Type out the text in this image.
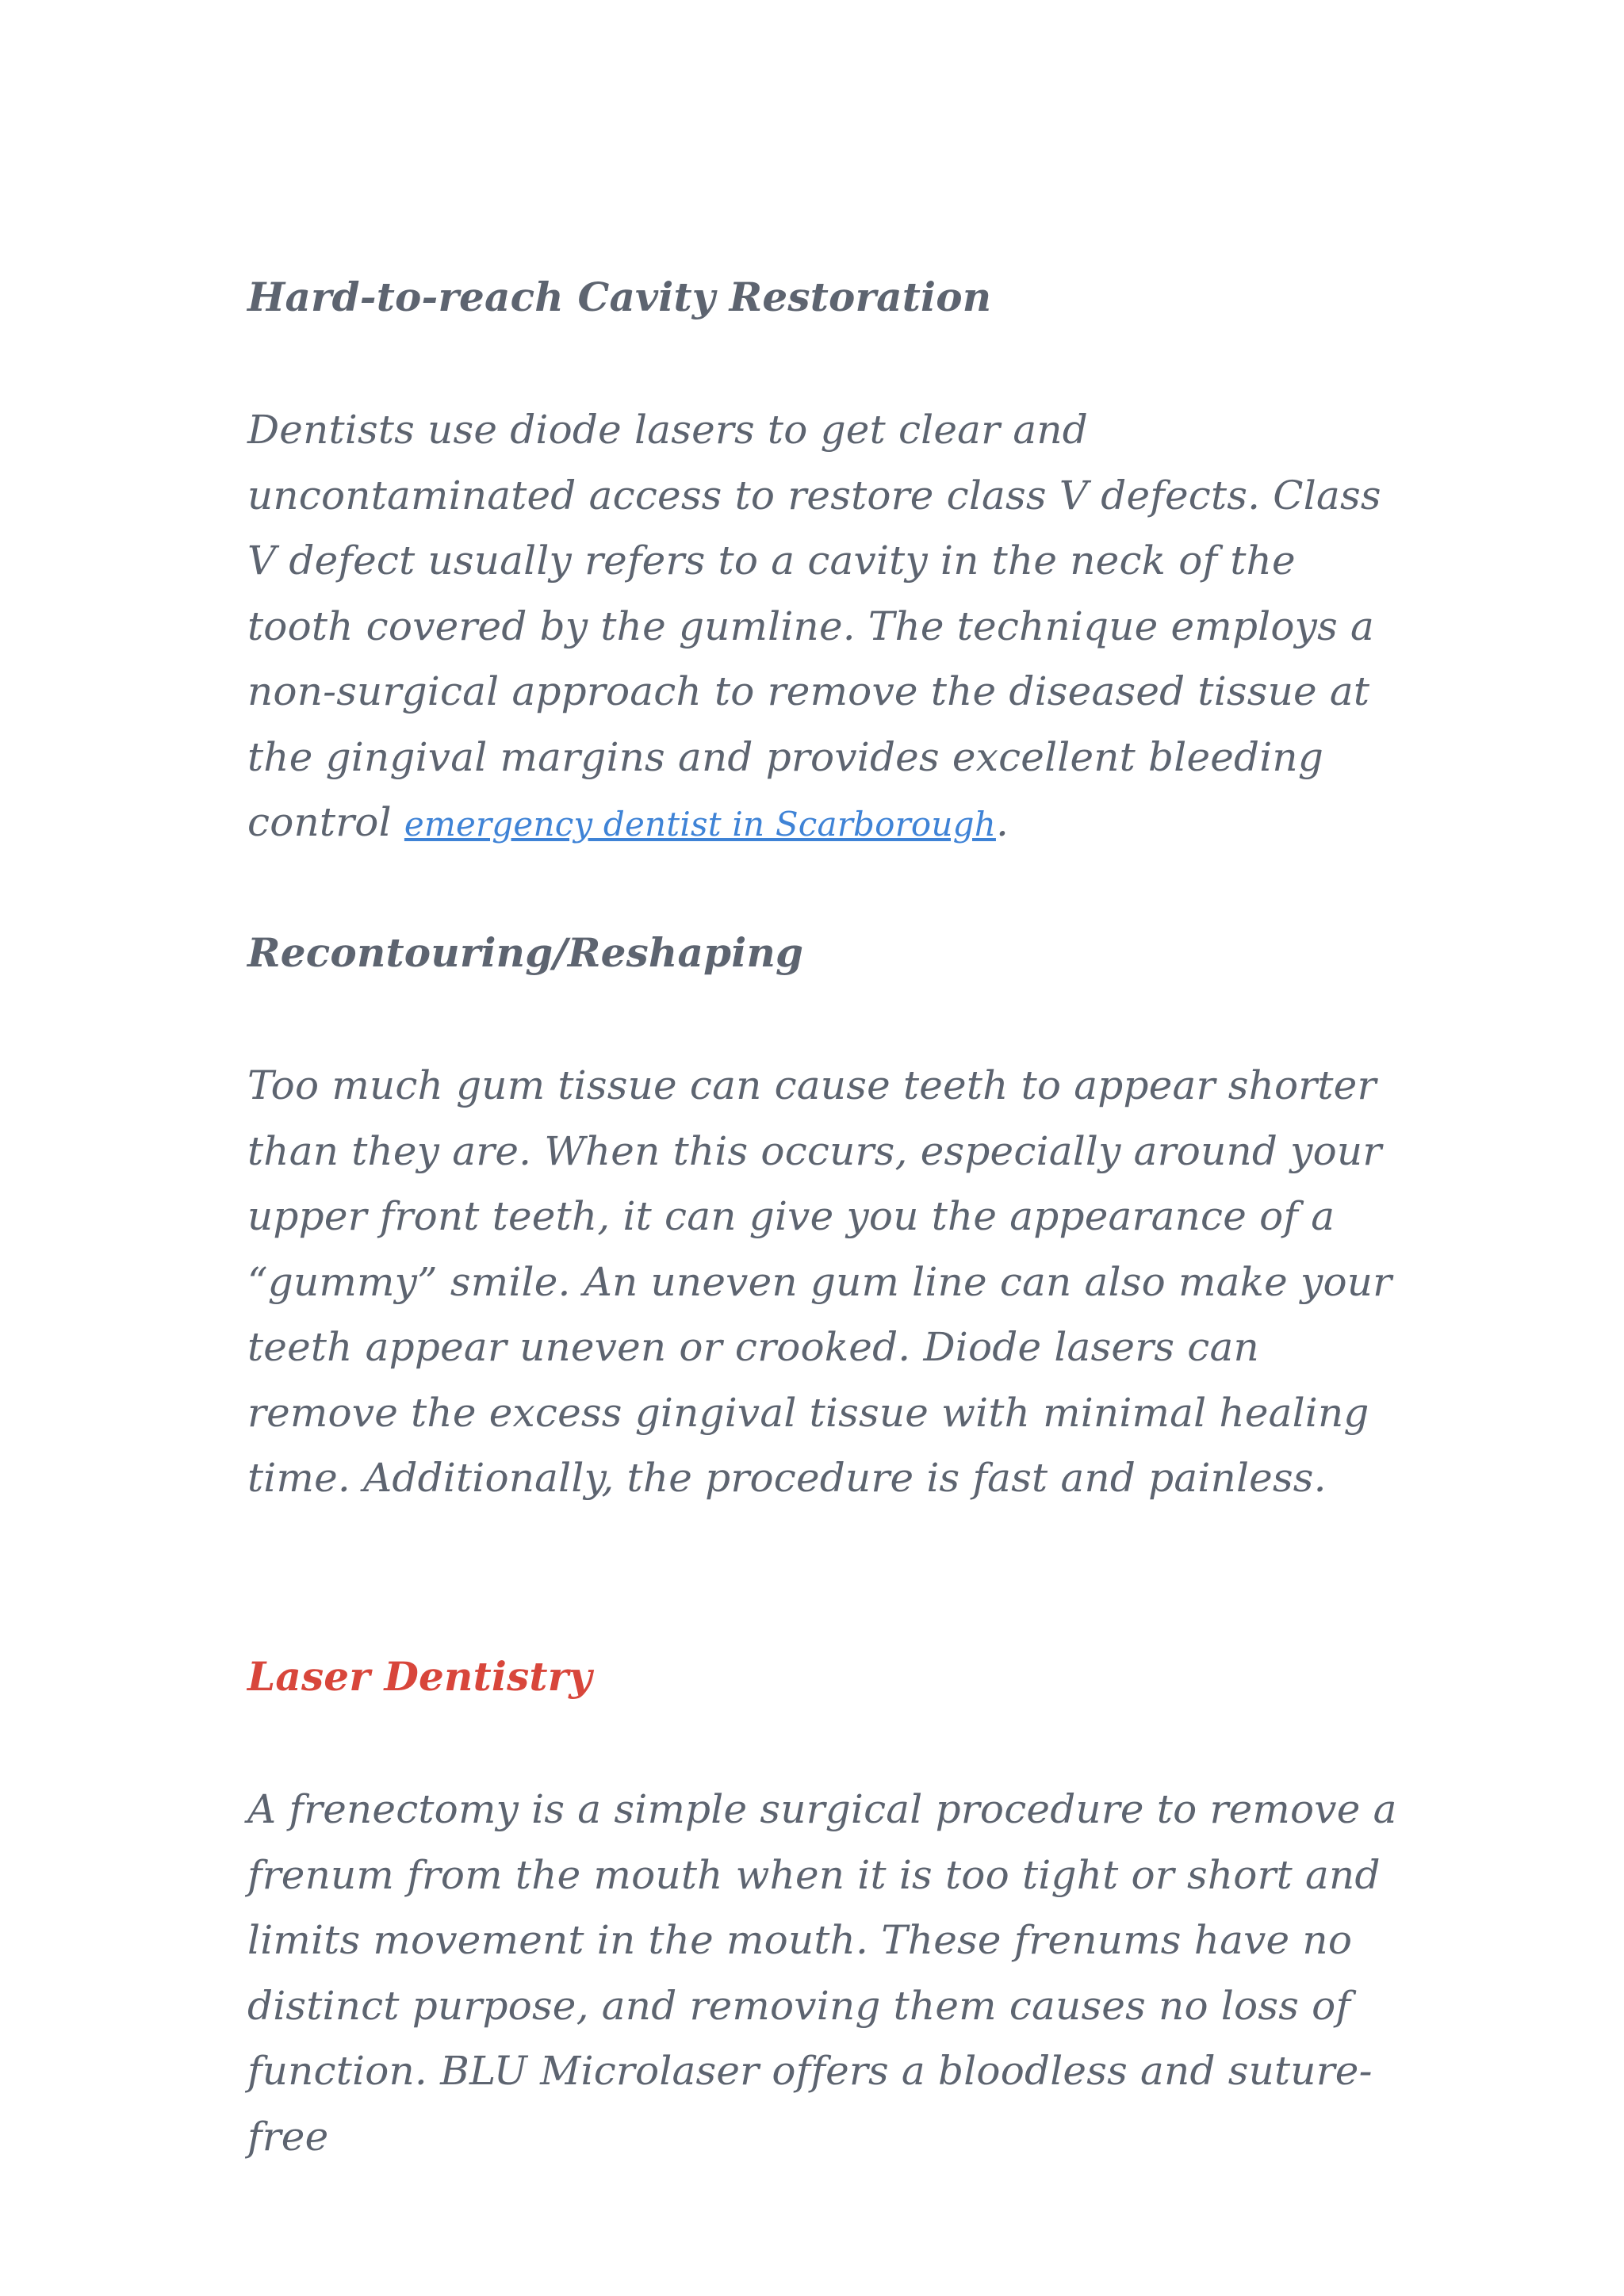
Hard-to-reach Cavity Restoration

Dentists use diode lasers to get clear and uncontaminated access to restore class V defects. Class V defect usually refers to a cavity in the neck of the tooth covered by the gumline. The technique employs a non-surgical approach to remove the diseased tissue at the gingival margins and provides excellent bleeding control emergency dentist in Scarborough.

Recontouring/Reshaping

Too much gum tissue can cause teeth to appear shorter than they are. When this occurs, especially around your upper front teeth, it can give you the appearance of a “gummy” smile. An uneven gum line can also make your teeth appear uneven or crooked. Diode lasers can remove the excess gingival tissue with minimal healing time. Additionally, the procedure is fast and painless.

Laser Dentistry

A frenectomy is a simple surgical procedure to remove a frenum from the mouth when it is too tight or short and limits movement in the mouth. These frenums have no distinct purpose, and removing them causes no loss of function. BLU Microlaser offers a bloodless and suture-free
